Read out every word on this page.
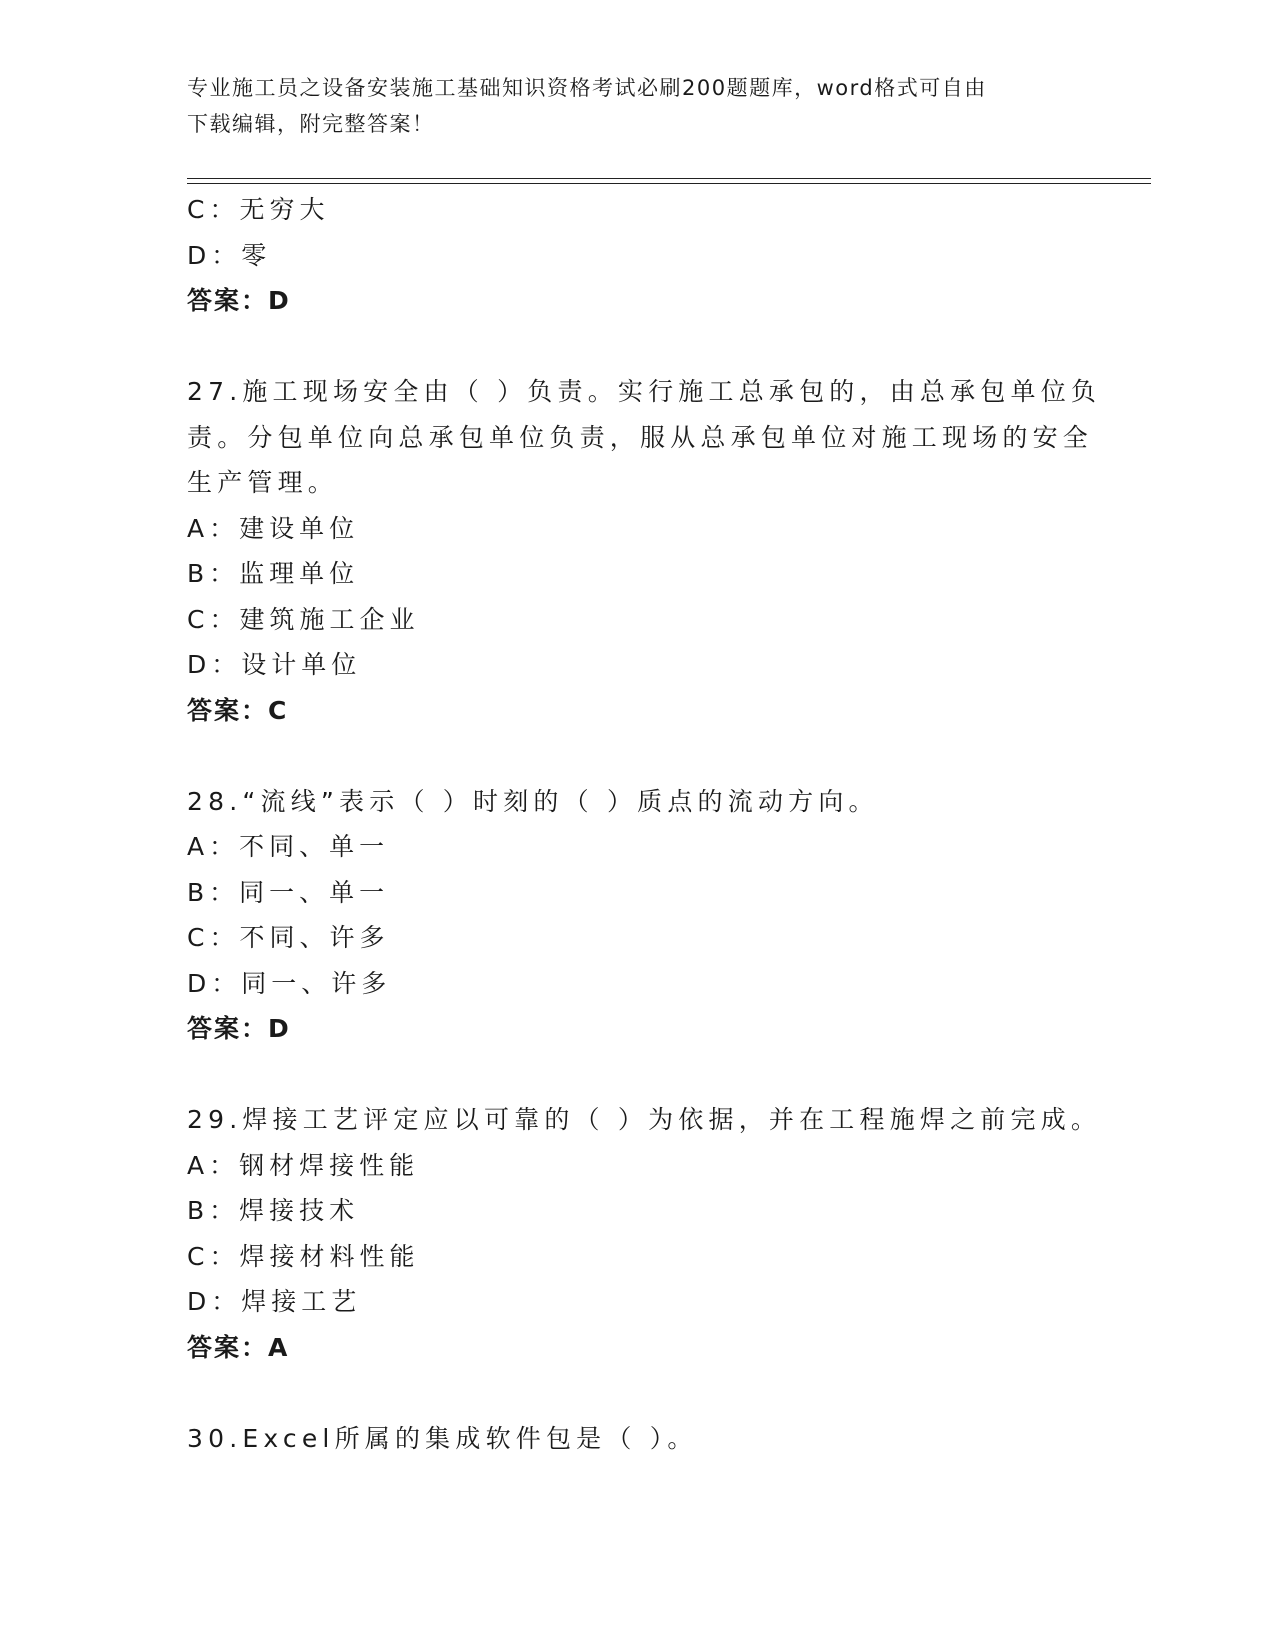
专业施工员之设备安装施工基础知识资格考试必刷200题题库，word格式可自由
下载编辑，附完整答案！
C：无穷大
D：零
答案：D
27.施工现场安全由（ ）负责。实行施工总承包的，由总承包单位负
责。分包单位向总承包单位负责，服从总承包单位对施工现场的安全
生产管理。
A：建设单位
B：监理单位
C：建筑施工企业
D：设计单位
答案：C
28.“流线”表示（ ）时刻的（ ）质点的流动方向。
A：不同、单一
B：同一、单一
C：不同、许多
D：同一、许多
答案：D
29.焊接工艺评定应以可靠的（ ）为依据，并在工程施焊之前完成。
A：钢材焊接性能
B：焊接技术
C：焊接材料性能
D：焊接工艺
答案：A
30.Excel所属的集成软件包是（ ）。
